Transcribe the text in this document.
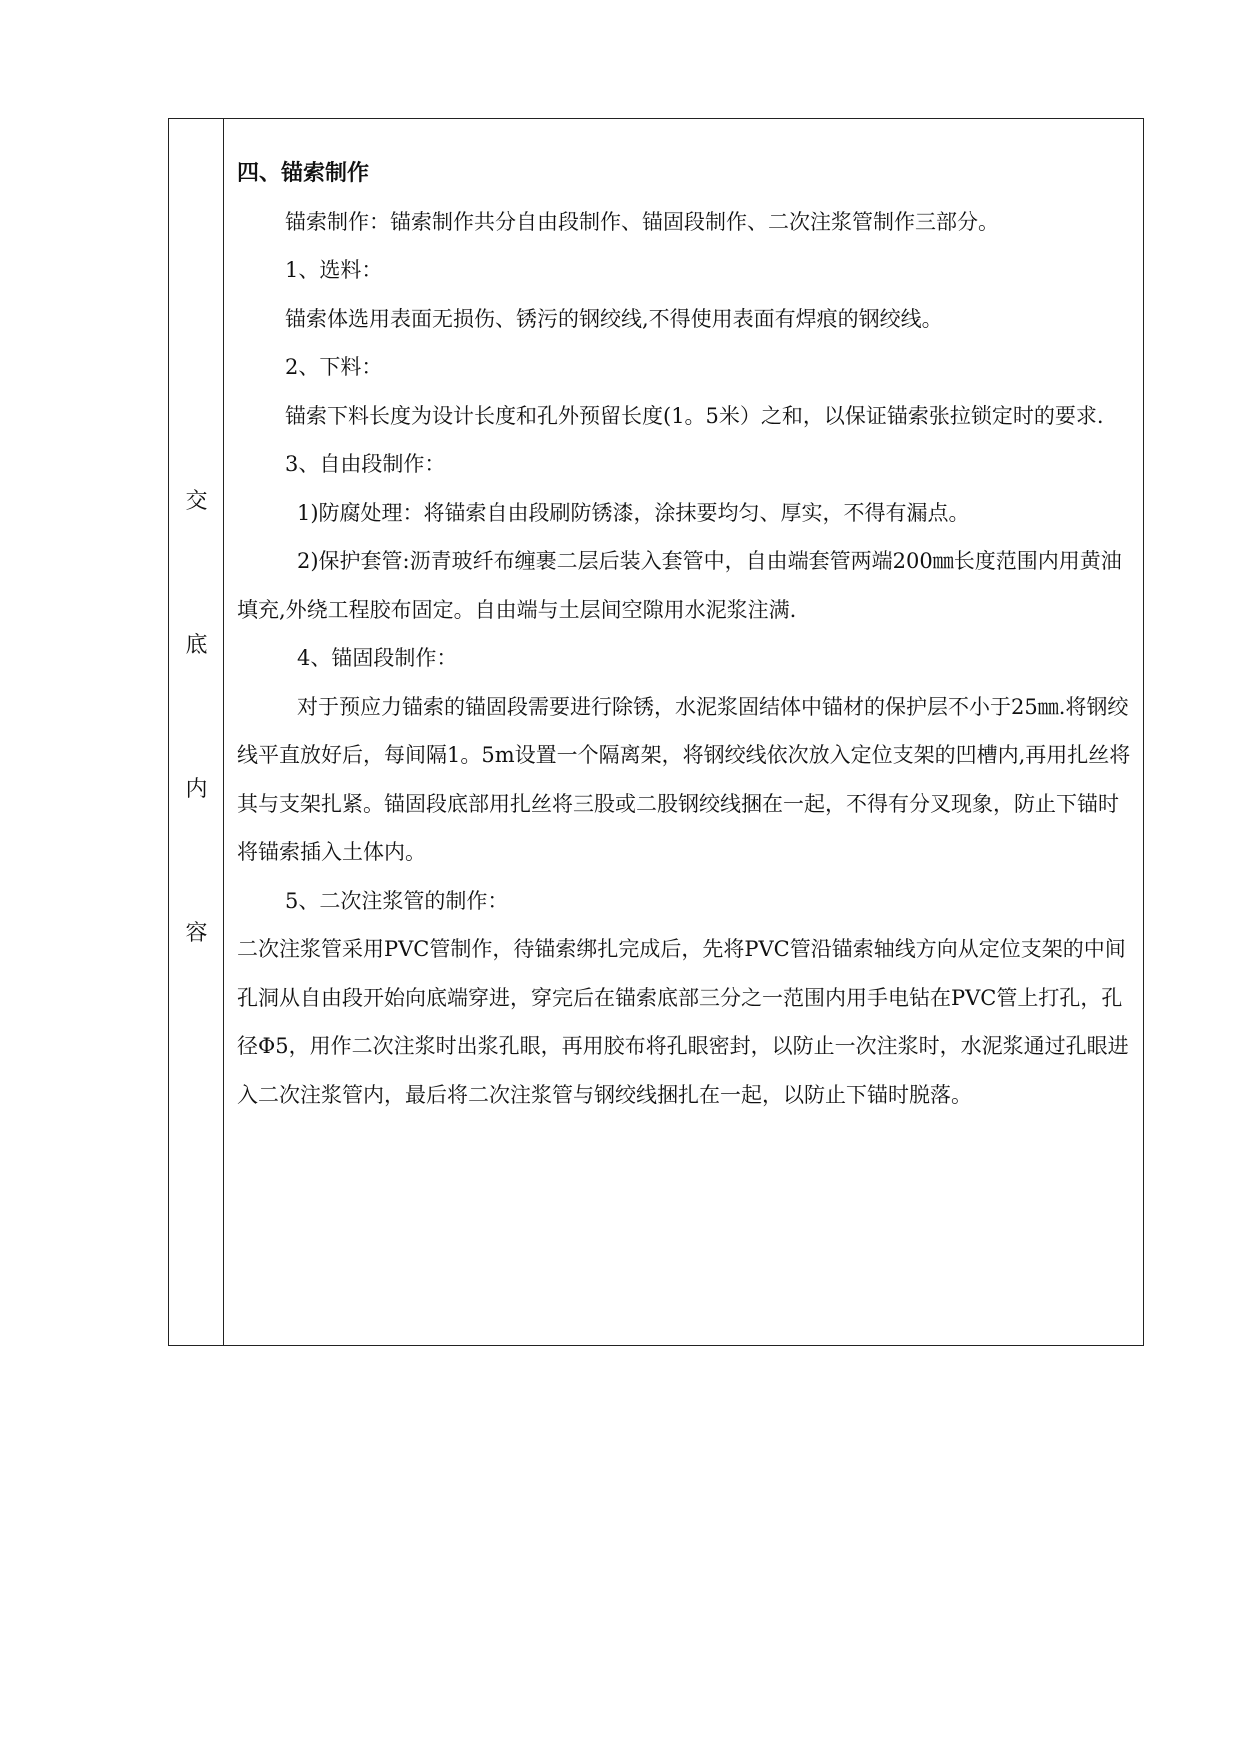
交
底
内
容

四、锚索制作

锚索制作：锚索制作共分自由段制作、锚固段制作、二次注浆管制作三部分。

1、选料：

锚索体选用表面无损伤、锈污的钢绞线,不得使用表面有焊痕的钢绞线。

2、下料：

锚索下料长度为设计长度和孔外预留长度(1。5米）之和，以保证锚索张拉锁定时的要求.

3、自由段制作：

1)防腐处理：将锚索自由段刷防锈漆，涂抹要均匀、厚实，不得有漏点。

2)保护套管:沥青玻纤布缠裹二层后装入套管中，自由端套管两端200㎜长度范围内用黄油填充,外绕工程胶布固定。自由端与土层间空隙用水泥浆注满.

4、锚固段制作：

对于预应力锚索的锚固段需要进行除锈，水泥浆固结体中锚材的保护层不小于25㎜.将钢绞线平直放好后，每间隔1。5m设置一个隔离架，将钢绞线依次放入定位支架的凹槽内,再用扎丝将其与支架扎紧。锚固段底部用扎丝将三股或二股钢绞线捆在一起，不得有分叉现象，防止下锚时将锚索插入土体内。

5、二次注浆管的制作：

二次注浆管采用PVC管制作，待锚索绑扎完成后，先将PVC管沿锚索轴线方向从定位支架的中间孔洞从自由段开始向底端穿进，穿完后在锚索底部三分之一范围内用手电钻在PVC管上打孔，孔径Φ5，用作二次注浆时出浆孔眼，再用胶布将孔眼密封，以防止一次注浆时，水泥浆通过孔眼进入二次注浆管内，最后将二次注浆管与钢绞线捆扎在一起，以防止下锚时脱落。
